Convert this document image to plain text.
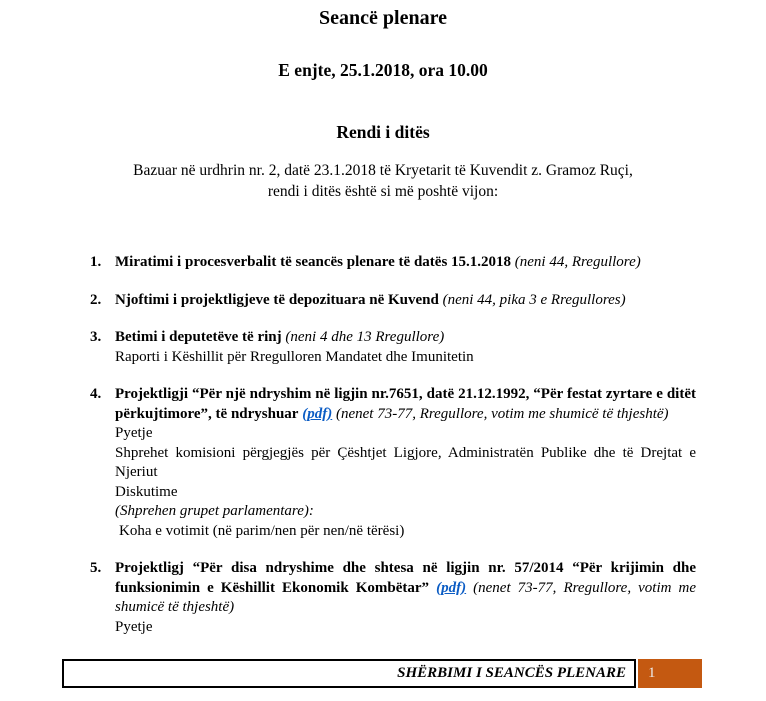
Seancë plenare
E enjte, 25.1.2018, ora 10.00
Rendi i ditës

Bazuar në urdhrin nr. 2, datë 23.1.2018 të Kryetarit të Kuvendit z. Gramoz Ruçi,
rendi i ditës është si më poshtë vijon:

1. Miratimi i procesverbalit të seancës plenare të datës 15.1.2018 (neni 44, Rregullore)

2. Njoftimi i projektligjeve të depozituara në Kuvend (neni 44, pika 3 e Rregullores)

3. Betimi i deputetëve të rinj (neni 4 dhe 13 Rregullore)

Raporti i Këshillit për Rregulloren Mandatet dhe Imunitetin

4. Projektligji “Për një ndryshim në ligjin nr.7651, datë 21.12.1992, “Për festat zyrtare e ditët përkujtimore”, të ndryshuar (pdf) (nenet 73-77, Rregullore, votim me shumicë të thjeshtë)

Pyetje

Shprehet komisioni përgjegjës për Çështjet Ligjore, Administratën Publike dhe të Drejtat e Njeriut

Diskutime

(Shprehen grupet parlamentare):

Koha e votimit (në parim/nen për nen/në tërësi)

5. Projektligj “Për disa ndryshime dhe shtesa në ligjin nr. 57/2014 “Për krijimin dhe funksionimin e Këshillit Ekonomik Kombëtar” (pdf) (nenet 73-77, Rregullore, votim me shumicë të thjeshtë)

Pyetje

SHËRBIMI I SEANCËS PLENARE 1
